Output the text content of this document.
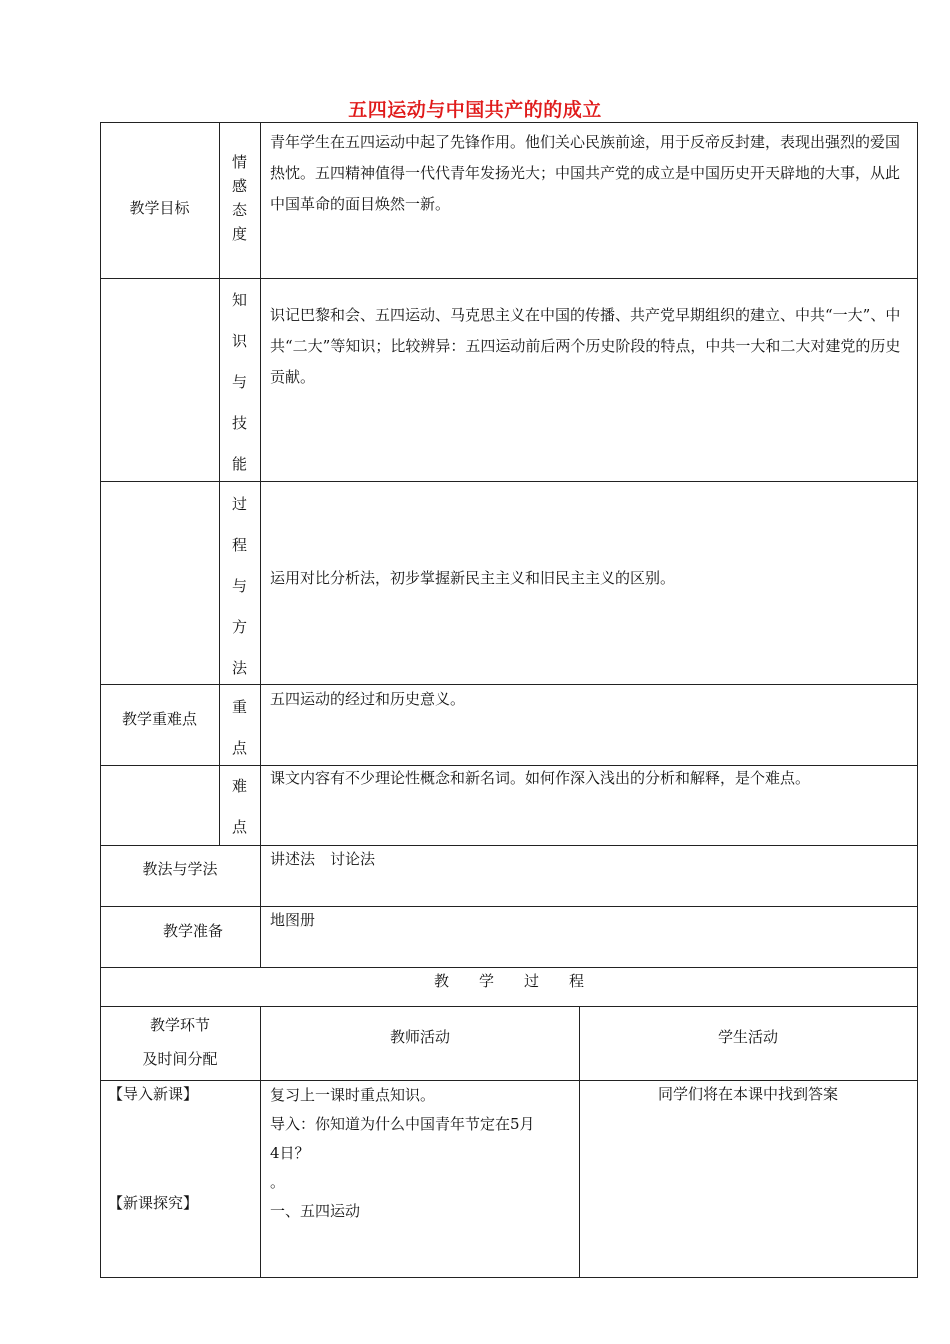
五四运动与中国共产的的成立
教学目标
情
感
态
度
青年学生在五四运动中起了先锋作用。他们关心民族前途，用于反帝反封建，表现出强烈的爱国热忱。五四精神值得一代代青年发扬光大；中国共产党的成立是中国历史开天辟地的大事，从此中国革命的面目焕然一新。
知
识
与
技
能
识记巴黎和会、五四运动、马克思主义在中国的传播、共产党早期组织的建立、中共“一大”、中共“二大”等知识；比较辨异：五四运动前后两个历史阶段的特点，中共一大和二大对建党的历史贡献。
过
程
与
方
法
运用对比分析法，初步掌握新民主主义和旧民主主义的区别。
教学重难点
重
点
五四运动的经过和历史意义。
难
点
课文内容有不少理论性概念和新名词。如何作深入浅出的分析和解释，是个难点。
教法与学法
讲述法　讨论法
教学准备
地图册
教　　学　　过　　程
教学环节
及时间分配
教师活动	学生活动
【导入新课】
【新课探究】
复习上一课时重点知识。
导入：你知道为什么中国青年节定在5月
4日？
。
一、五四运动
同学们将在本课中找到答案
